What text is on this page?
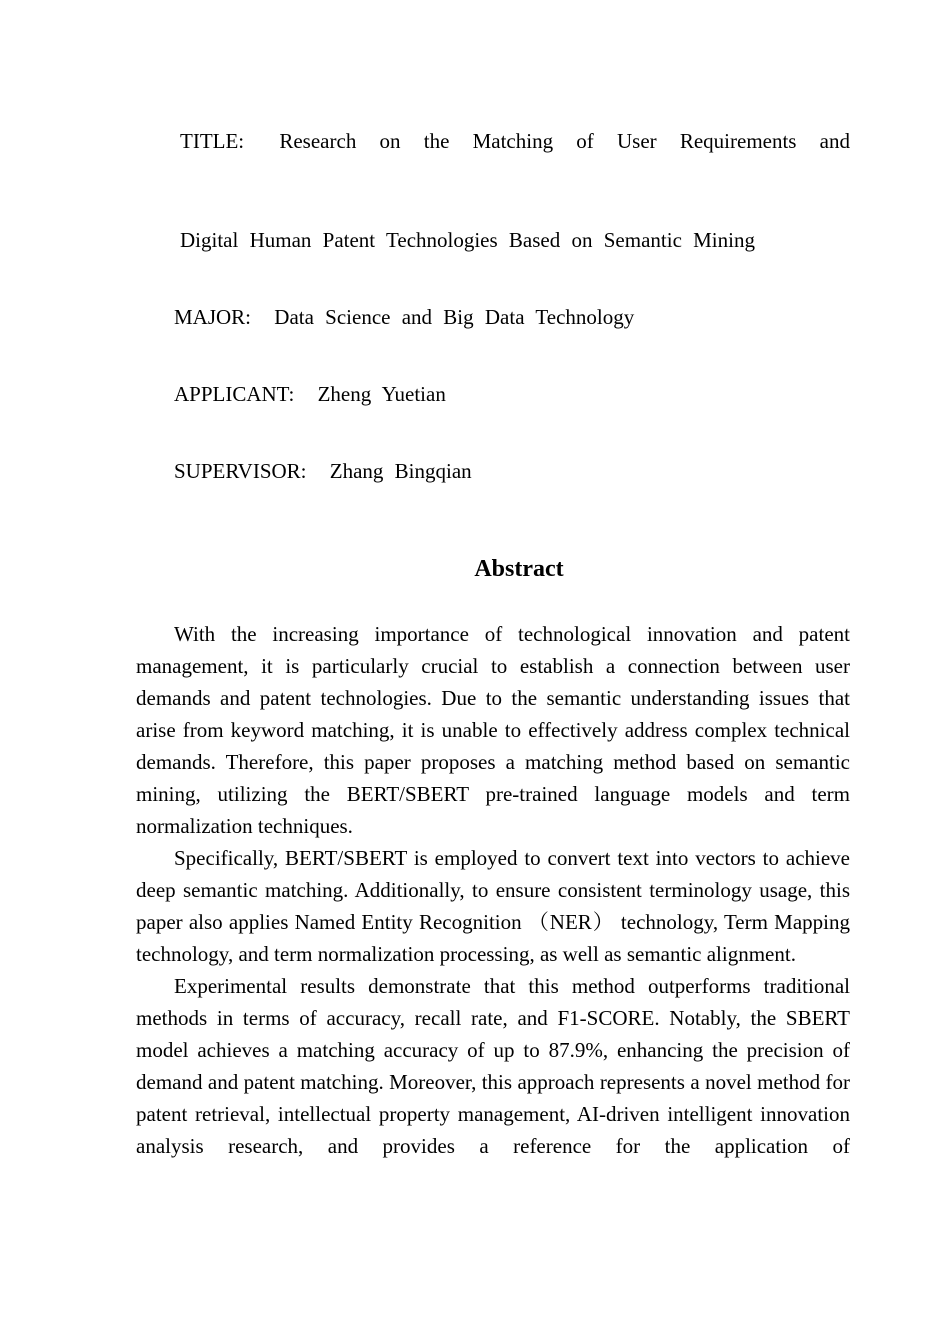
TITLE: Research on the Matching of User Requirements and
Digital Human Patent Technologies Based on Semantic Mining
MAJOR: Data Science and Big Data Technology
APPLICANT: Zheng Yuetian
SUPERVISOR: Zhang Bingqian
Abstract

With the increasing importance of technological innovation and patent management, it is particularly crucial to establish a connection between user demands and patent technologies. Due to the semantic understanding issues that arise from keyword matching, it is unable to effectively address complex technical demands. Therefore, this paper proposes a matching method based on semantic mining, utilizing the BERT/SBERT pre-trained language models and term normalization techniques.

Specifically, BERT/SBERT is employed to convert text into vectors to achieve deep semantic matching. Additionally, to ensure consistent terminology usage, this paper also applies Named Entity Recognition （NER） technology, Term Mapping technology, and term normalization processing, as well as semantic alignment.

Experimental results demonstrate that this method outperforms traditional methods in terms of accuracy, recall rate, and F1-SCORE. Notably, the SBERT model achieves a matching accuracy of up to 87.9%, enhancing the precision of demand and patent matching. Moreover, this approach represents a novel method for patent retrieval, intellectual property management, AI-driven intelligent innovation analysis research, and provides a reference for the application of
